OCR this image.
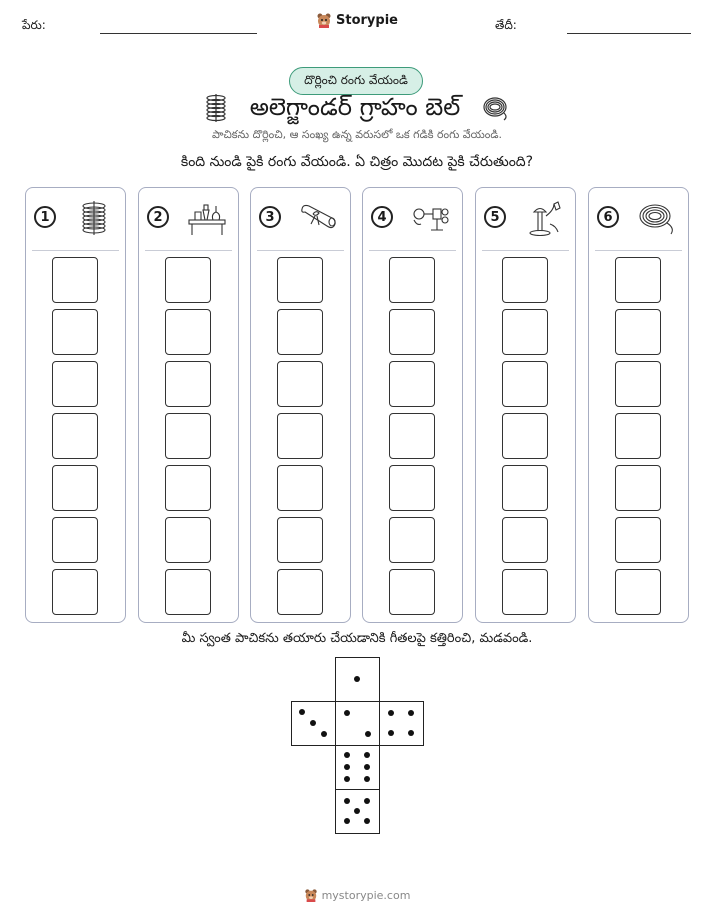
పేరు:	Storypie	తేదీ:
దొర్లించి రంగు వేయండి
అలెగ్జాండర్ గ్రాహం బెల్
పాచికను దొర్లించి, ఆ సంఖ్య ఉన్న వరుసలో ఒక గడికి రంగు వేయండి.
కింది నుండి పైకి రంగు వేయండి. ఏ చిత్రం మొదట పైకి చేరుతుంది?
1	2	3	4	5	6
మీ స్వంత పాచికను తయారు చేయడానికి గీతలపై కత్తిరించి, మడవండి.
mystorypie.com
